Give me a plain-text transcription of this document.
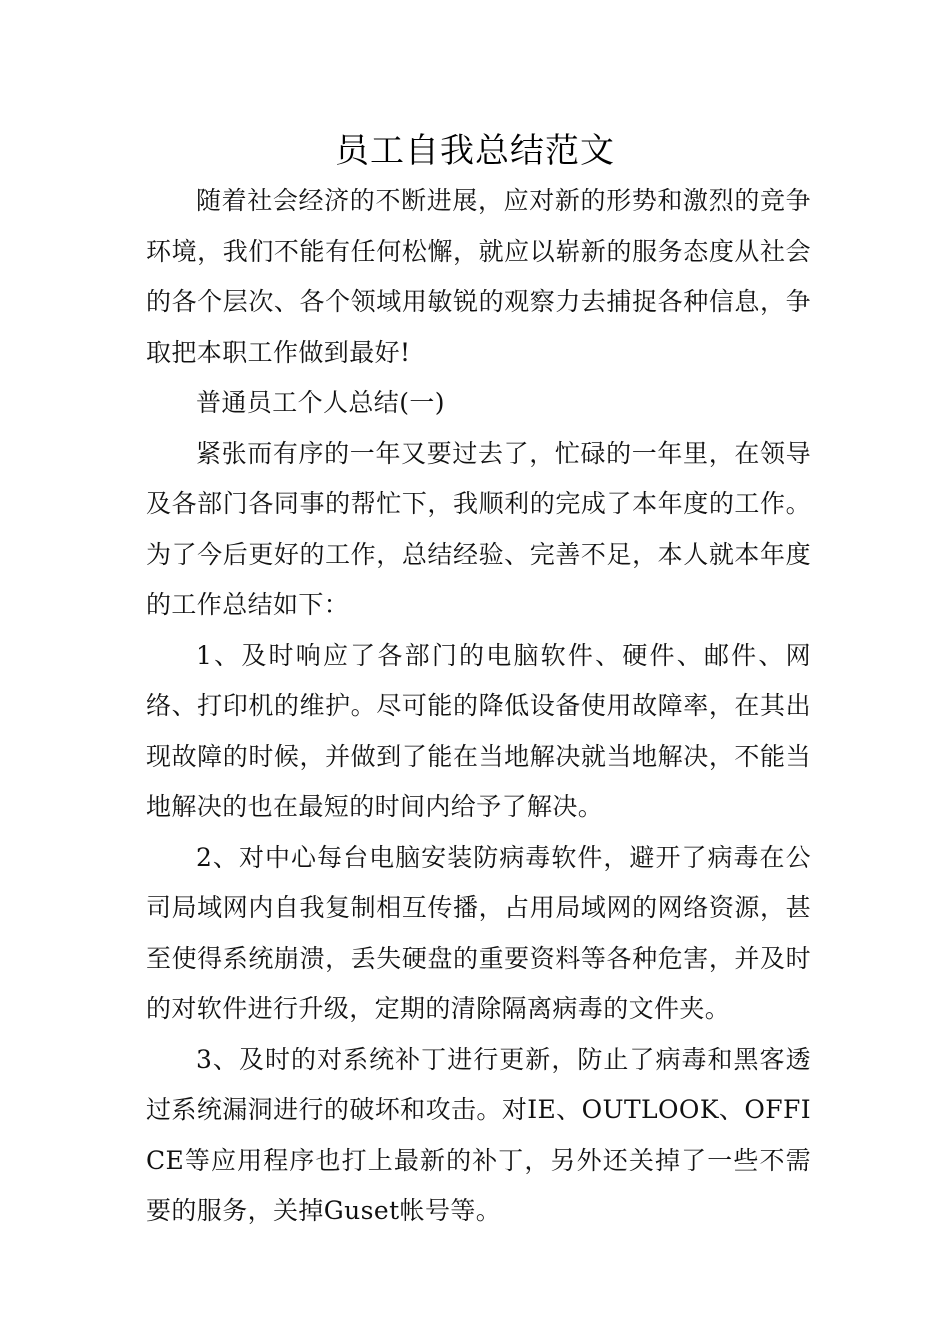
员工自我总结范文

随着社会经济的不断进展，应对新的形势和激烈的竞争环境，我们不能有任何松懈，就应以崭新的服务态度从社会的各个层次、各个领域用敏锐的观察力去捕捉各种信息，争取把本职工作做到最好!

普通员工个人总结(一)

紧张而有序的一年又要过去了，忙碌的一年里，在领导及各部门各同事的帮忙下，我顺利的完成了本年度的工作。为了今后更好的工作，总结经验、完善不足，本人就本年度的工作总结如下：

1、及时响应了各部门的电脑软件、硬件、邮件、网络、打印机的维护。尽可能的降低设备使用故障率，在其出现故障的时候，并做到了能在当地解决就当地解决，不能当地解决的也在最短的时间内给予了解决。

2、对中心每台电脑安装防病毒软件，避开了病毒在公司局域网内自我复制相互传播，占用局域网的网络资源，甚至使得系统崩溃，丢失硬盘的重要资料等各种危害，并及时的对软件进行升级，定期的清除隔离病毒的文件夹。

3、及时的对系统补丁进行更新，防止了病毒和黑客透过系统漏洞进行的破坏和攻击。对IE、OUTLOOK、OFFICE等应用程序也打上最新的补丁，另外还关掉了一些不需要的服务，关掉Guset帐号等。
